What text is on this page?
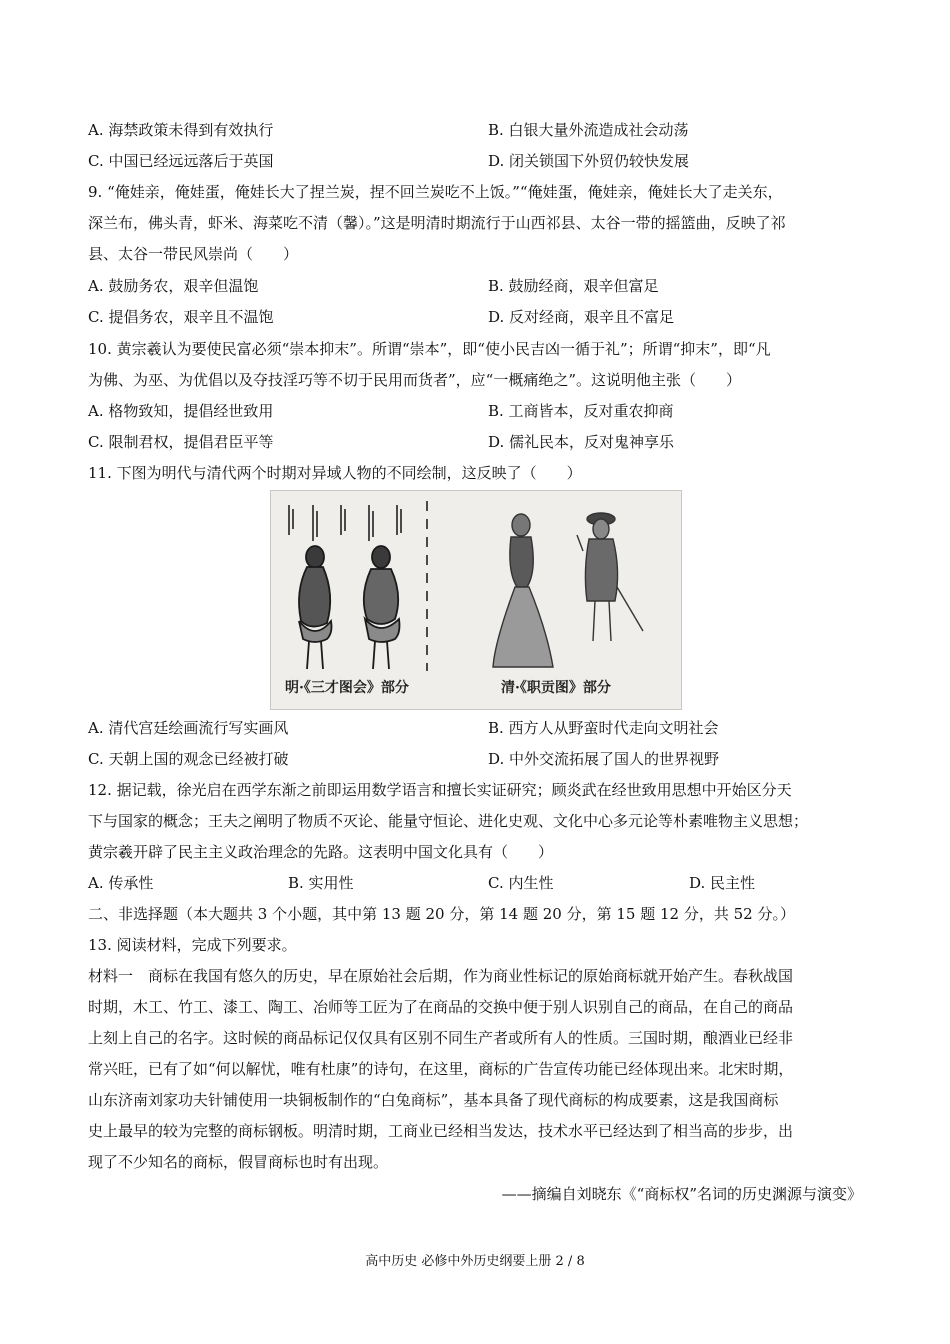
A. 海禁政策未得到有效执行	B. 白银大量外流造成社会动荡
C. 中国已经远远落后于英国	D. 闭关锁国下外贸仍较快发展
9. “俺娃亲，俺娃蛋，俺娃长大了捏兰炭，捏不回兰炭吃不上饭。”“俺娃蛋，俺娃亲，俺娃长大了走关东，
深兰布，佛头青，虾米、海菜吃不清（馨）。”这是明清时期流行于山西祁县、太谷一带的摇篮曲，反映了祁
县、太谷一带民风崇尚（　　）
A. 鼓励务农，艰辛但温饱	B. 鼓励经商，艰辛但富足
C. 提倡务农，艰辛且不温饱	D. 反对经商，艰辛且不富足
10. 黄宗羲认为要使民富必须“崇本抑末”。所谓“崇本”，即“使小民吉凶一循于礼”；所谓“抑末”，即“凡
为佛、为巫、为优倡以及夺技淫巧等不切于民用而货者”，应“一概痛绝之”。这说明他主张（　　）
A. 格物致知，提倡经世致用	B. 工商皆本，反对重农抑商
C. 限制君权，提倡君臣平等	D. 儒礼民本，反对鬼神享乐
11. 下图为明代与清代两个时期对异域人物的不同绘制，这反映了（　　）
明·《三才图会》部分	清·《职贡图》部分
A. 清代宫廷绘画流行写实画风	B. 西方人从野蛮时代走向文明社会
C. 天朝上国的观念已经被打破	D. 中外交流拓展了国人的世界视野
12. 据记载，徐光启在西学东渐之前即运用数学语言和擅长实证研究；顾炎武在经世致用思想中开始区分天
下与国家的概念；王夫之阐明了物质不灭论、能量守恒论、进化史观、文化中心多元论等朴素唯物主义思想；
黄宗羲开辟了民主主义政治理念的先路。这表明中国文化具有（　　）
A. 传承性	B. 实用性	C. 内生性	D. 民主性
二、非选择题（本大题共 3 个小题，其中第 13 题 20 分，第 14 题 20 分，第 15 题 12 分，共 52 分。）
13. 阅读材料，完成下列要求。
材料一　商标在我国有悠久的历史，早在原始社会后期，作为商业性标记的原始商标就开始产生。春秋战国
时期，木工、竹工、漆工、陶工、冶师等工匠为了在商品的交换中便于别人识别自己的商品，在自己的商品
上刻上自己的名字。这时候的商品标记仅仅具有区别不同生产者或所有人的性质。三国时期，酿酒业已经非
常兴旺，已有了如“何以解忧，唯有杜康”的诗句，在这里，商标的广告宣传功能已经体现出来。北宋时期，
山东济南刘家功夫针铺使用一块铜板制作的“白兔商标”，基本具备了现代商标的构成要素，这是我国商标
史上最早的较为完整的商标钢板。明清时期，工商业已经相当发达，技术水平已经达到了相当高的步步，出
现了不少知名的商标，假冒商标也时有出现。
——摘编自刘晓东《“商标权”名词的历史渊源与演变》
高中历史 必修中外历史纲要上册 2 / 8
